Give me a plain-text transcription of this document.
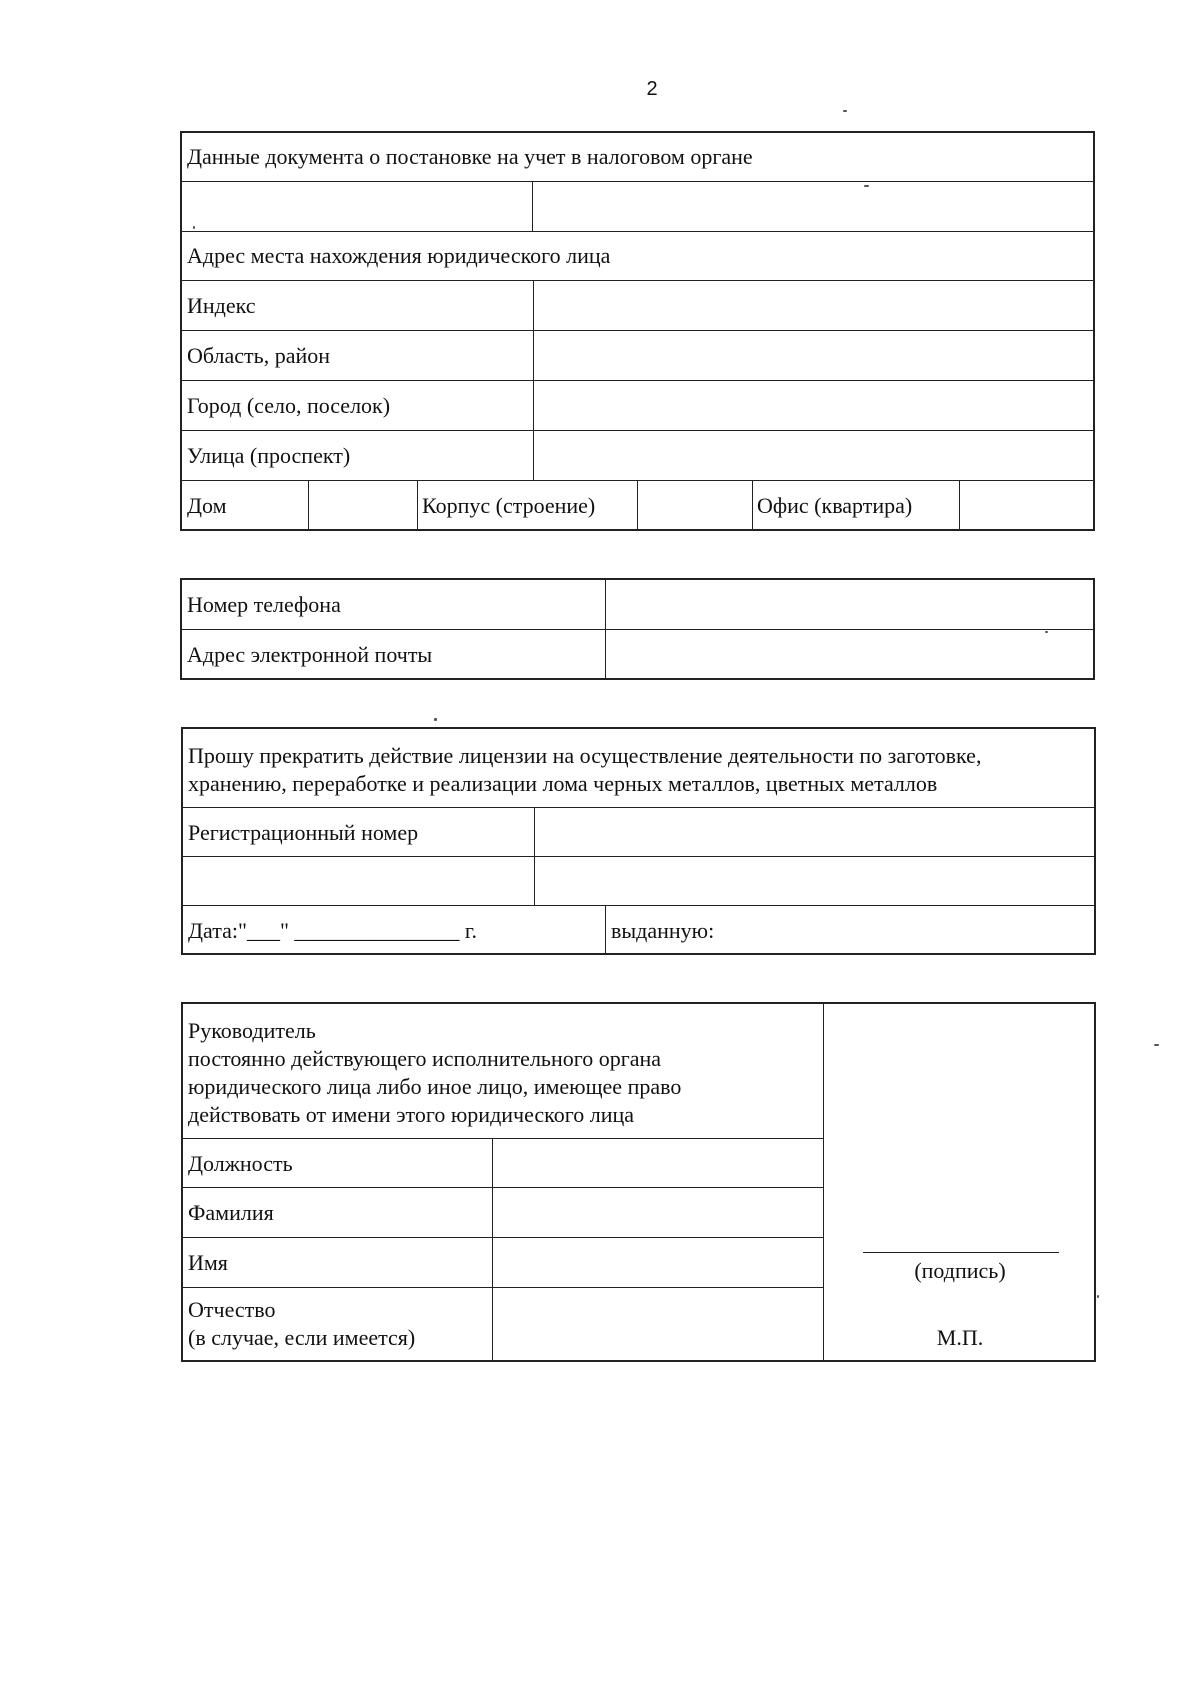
2
Данные документа о постановке на учет в налоговом органе
Адрес места нахождения юридического лица
Индекс
Область, район
Город (село, поселок)
Улица (проспект)
Дом	Корпус (строение)	Офис (квартира)
Номер телефона
Адрес электронной почты
Прошу прекратить действие лицензии на осуществление деятельности по заготовке,
хранению, переработке и реализации лома черных металлов, цветных металлов
Регистрационный номер
Дата:"___" _______________ г.	выданную:
Руководитель
постоянно действующего исполнительного органа
юридического лица либо иное лицо, имеющее право
действовать от имени этого юридического лица
Должность
Фамилия
Имя
Отчество
(в случае, если имеется)
(подпись)
М.П.
